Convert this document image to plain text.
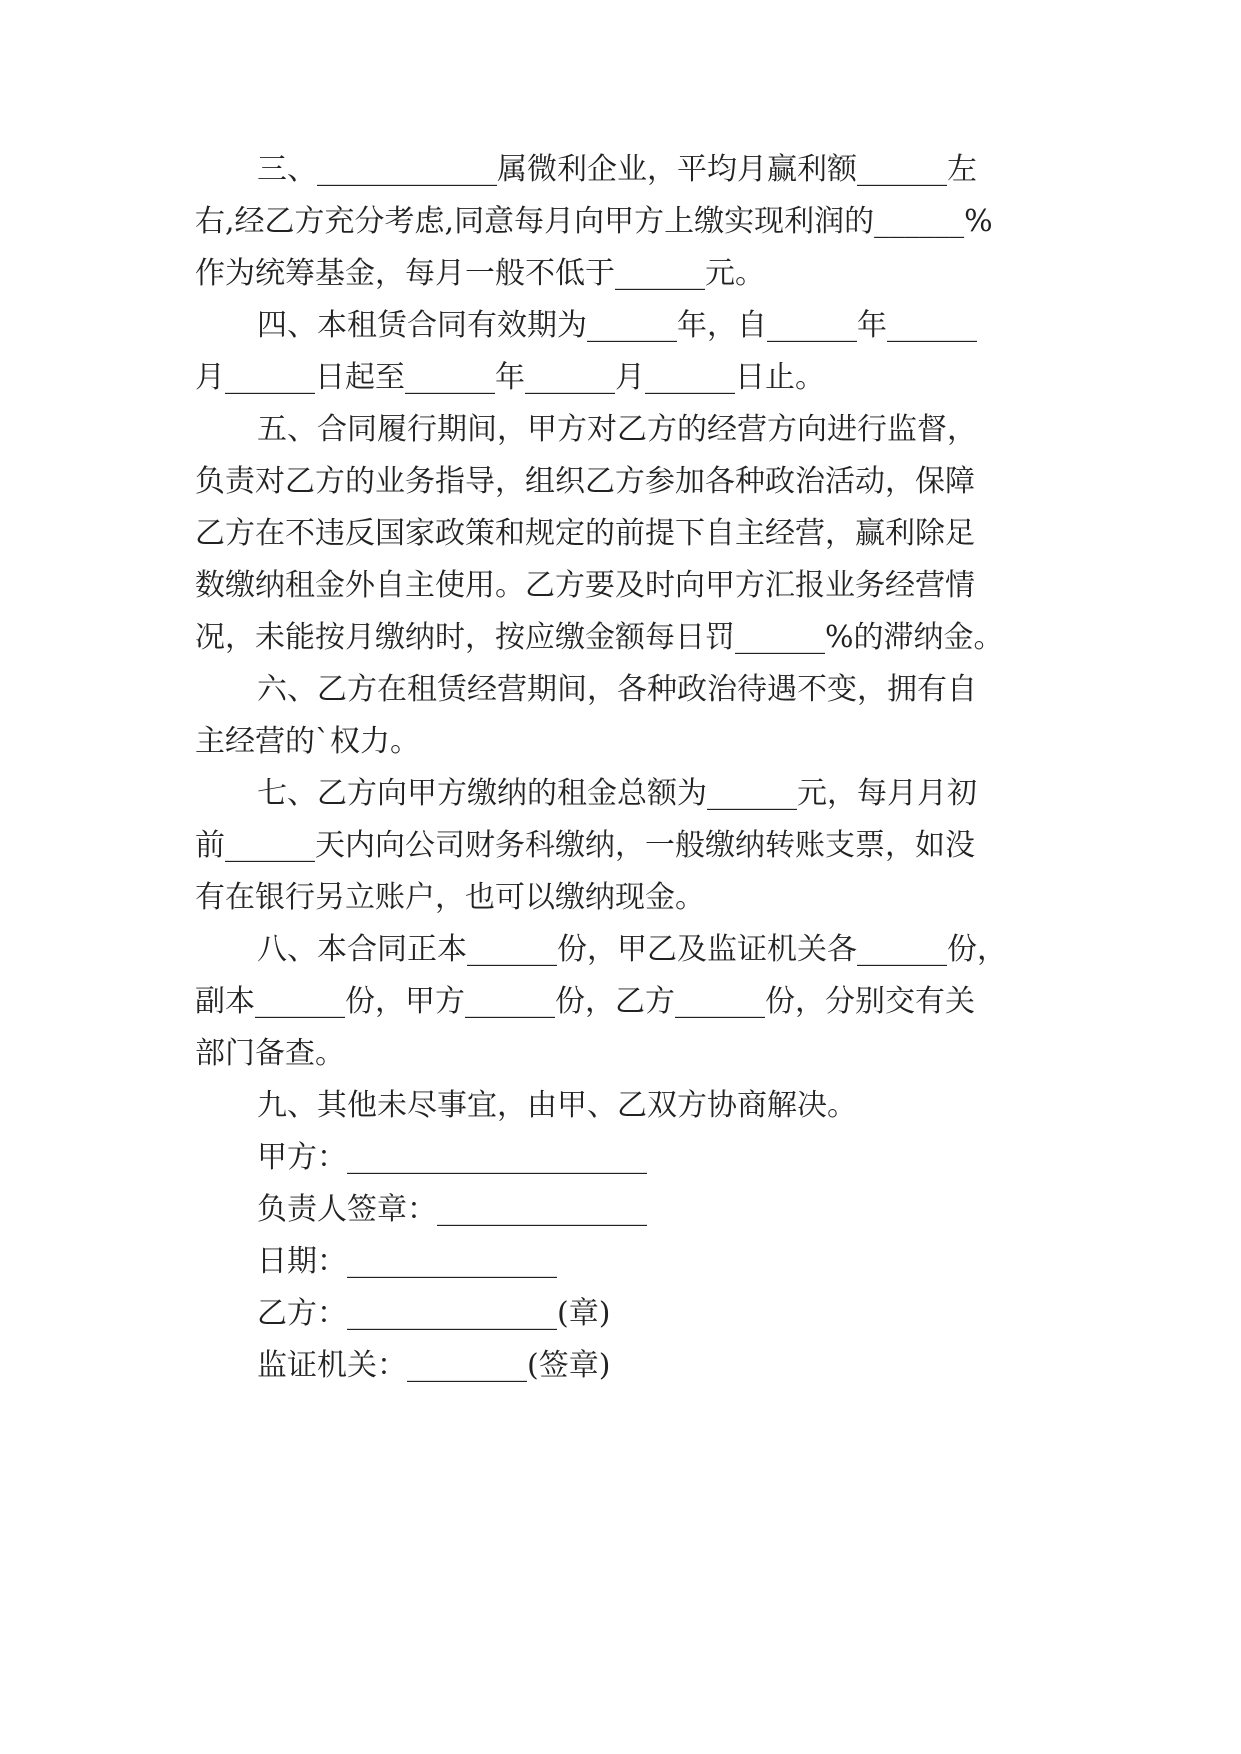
三、____________属微利企业，平均月赢利额______左
右,经乙方充分考虑,同意每月向甲方上缴实现利润的______%
作为统筹基金，每月一般不低于______元。
四、本租赁合同有效期为______年，自______年______
月______日起至______年______月______日止。
五、合同履行期间，甲方对乙方的经营方向进行监督，
负责对乙方的业务指导，组织乙方参加各种政治活动，保障
乙方在不违反国家政策和规定的前提下自主经营，赢利除足
数缴纳租金外自主使用。乙方要及时向甲方汇报业务经营情
况，未能按月缴纳时，按应缴金额每日罚______%的滞纳金。
六、乙方在租赁经营期间，各种政治待遇不变，拥有自
主经营的`权力。
七、乙方向甲方缴纳的租金总额为______元，每月月初
前______天内向公司财务科缴纳，一般缴纳转账支票，如没
有在银行另立账户，也可以缴纳现金。
八、本合同正本______份，甲乙及监证机关各______份，
副本______份，甲方______份，乙方______份，分别交有关
部门备查。
九、其他未尽事宜，由甲、乙双方协商解决。
甲方：____________________
负责人签章：______________
日期：______________
乙方：______________(章)
监证机关：________(签章)
